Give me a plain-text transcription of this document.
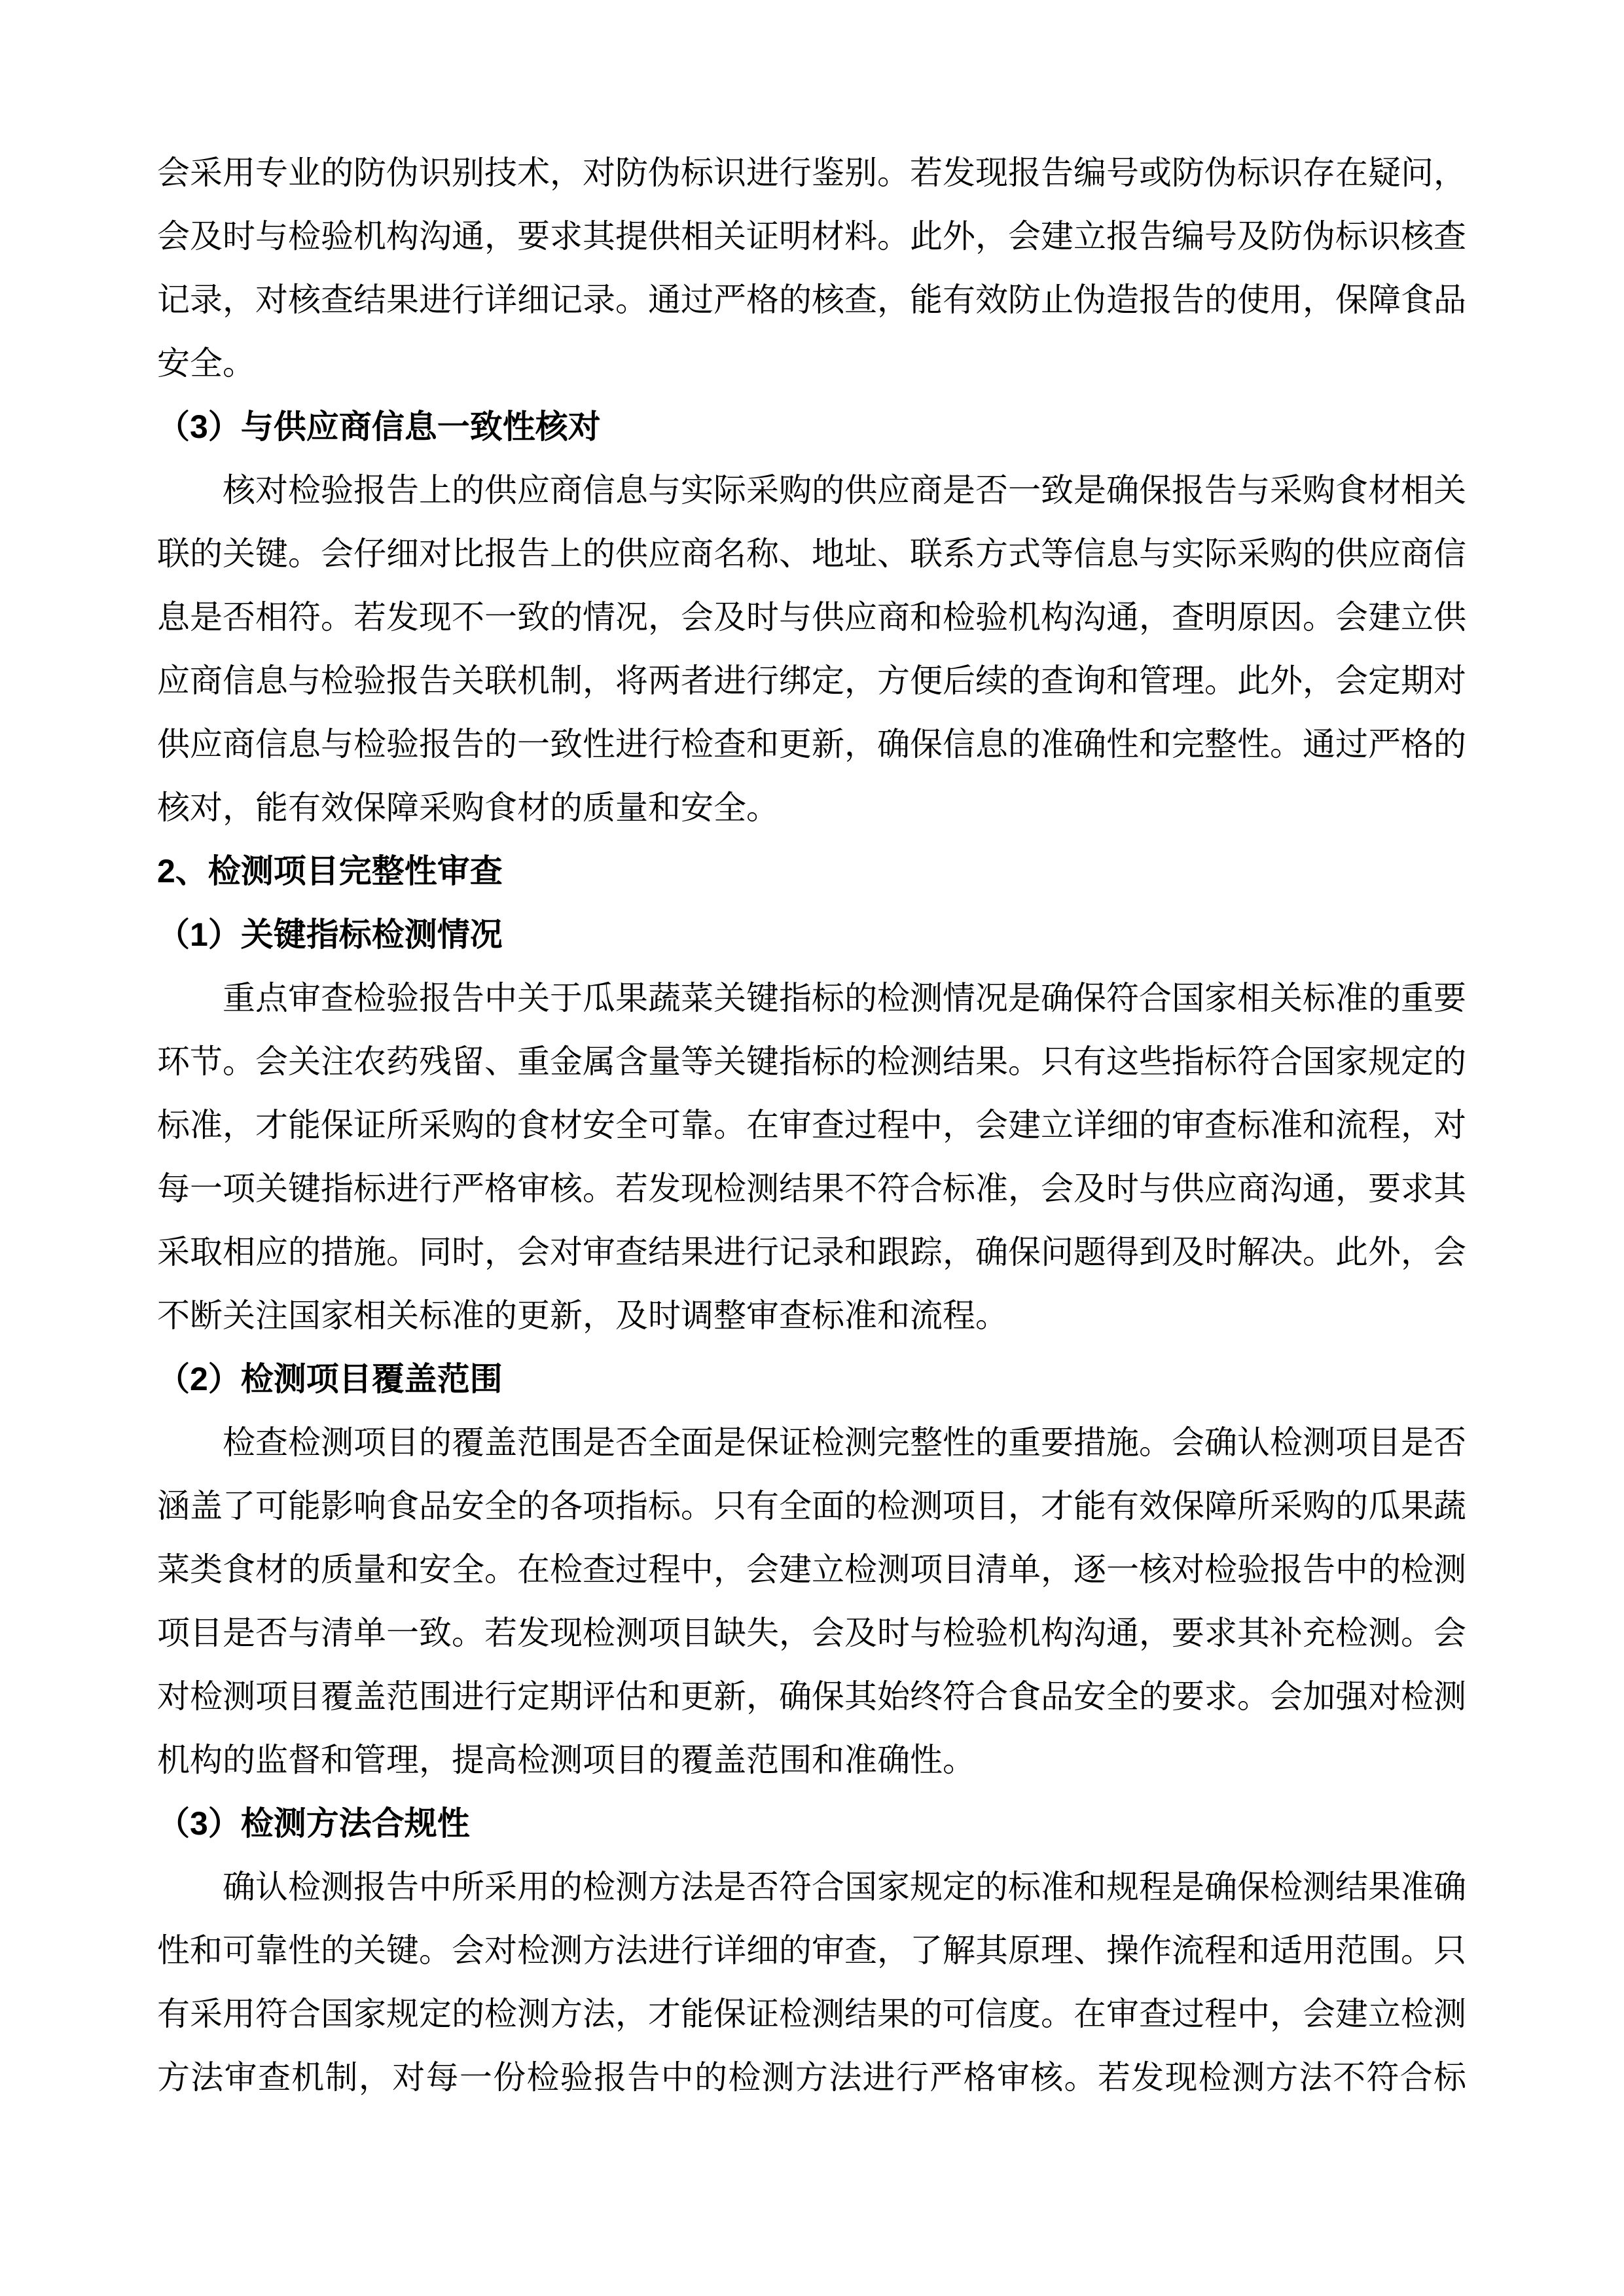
会采用专业的防伪识别技术，对防伪标识进行鉴别。若发现报告编号或防伪标识存在疑问，
会及时与检验机构沟通，要求其提供相关证明材料。此外，会建立报告编号及防伪标识核查
记录，对核查结果进行详细记录。通过严格的核查，能有效防止伪造报告的使用，保障食品
安全。
（3）与供应商信息一致性核对
核对检验报告上的供应商信息与实际采购的供应商是否一致是确保报告与采购食材相关
联的关键。会仔细对比报告上的供应商名称、地址、联系方式等信息与实际采购的供应商信
息是否相符。若发现不一致的情况，会及时与供应商和检验机构沟通，查明原因。会建立供
应商信息与检验报告关联机制，将两者进行绑定，方便后续的查询和管理。此外，会定期对
供应商信息与检验报告的一致性进行检查和更新，确保信息的准确性和完整性。通过严格的
核对，能有效保障采购食材的质量和安全。
2、检测项目完整性审查
（1）关键指标检测情况
重点审查检验报告中关于瓜果蔬菜关键指标的检测情况是确保符合国家相关标准的重要
环节。会关注农药残留、重金属含量等关键指标的检测结果。只有这些指标符合国家规定的
标准，才能保证所采购的食材安全可靠。在审查过程中，会建立详细的审查标准和流程，对
每一项关键指标进行严格审核。若发现检测结果不符合标准，会及时与供应商沟通，要求其
采取相应的措施。同时，会对审查结果进行记录和跟踪，确保问题得到及时解决。此外，会
不断关注国家相关标准的更新，及时调整审查标准和流程。
（2）检测项目覆盖范围
检查检测项目的覆盖范围是否全面是保证检测完整性的重要措施。会确认检测项目是否
涵盖了可能影响食品安全的各项指标。只有全面的检测项目，才能有效保障所采购的瓜果蔬
菜类食材的质量和安全。在检查过程中，会建立检测项目清单，逐一核对检验报告中的检测
项目是否与清单一致。若发现检测项目缺失，会及时与检验机构沟通，要求其补充检测。会
对检测项目覆盖范围进行定期评估和更新，确保其始终符合食品安全的要求。会加强对检测
机构的监督和管理，提高检测项目的覆盖范围和准确性。
（3）检测方法合规性
确认检测报告中所采用的检测方法是否符合国家规定的标准和规程是确保检测结果准确
性和可靠性的关键。会对检测方法进行详细的审查，了解其原理、操作流程和适用范围。只
有采用符合国家规定的检测方法，才能保证检测结果的可信度。在审查过程中，会建立检测
方法审查机制，对每一份检验报告中的检测方法进行严格审核。若发现检测方法不符合标
